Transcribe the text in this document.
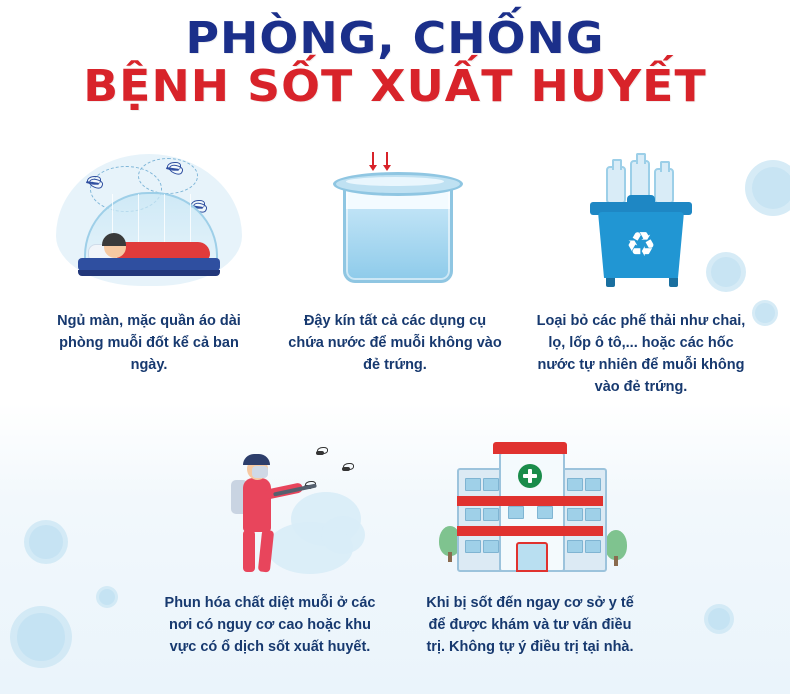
PHÒNG, CHỐNG
BỆNH SỐT XUẤT HUYẾT
Ngủ màn, mặc quần áo dài phòng muỗi đốt kể cả ban ngày.
Đậy kín tất cả các dụng cụ chứa nước để muỗi không vào đẻ trứng.
♻
Loại bỏ các phế thải như chai, lọ, lốp ô tô,... hoặc các hốc nước tự nhiên để muỗi không vào đẻ trứng.
Phun hóa chất diệt muỗi ở các nơi có nguy cơ cao hoặc khu vực có ổ dịch sốt xuất huyết.
Khi bị sốt đến ngay cơ sở y tế để được khám và tư vấn điều trị. Không tự ý điều trị tại nhà.
